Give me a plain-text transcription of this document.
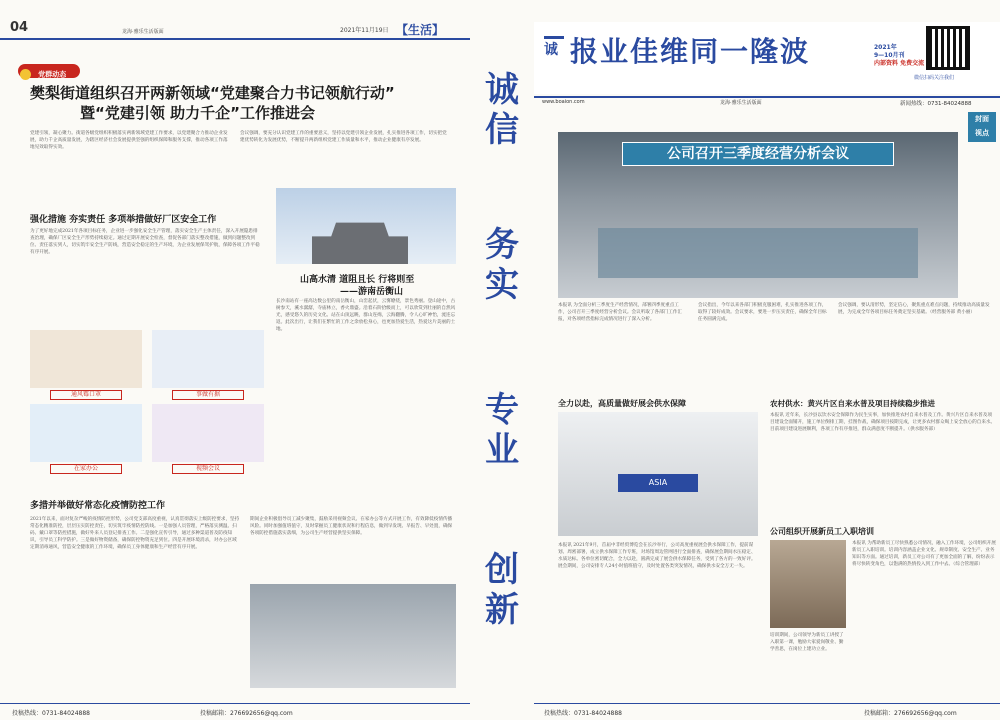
04	龙海·雅乐生活版面	2021年11月19日 【生活】
党群动态
樊梨街道组织召开两新领域“党建聚合力书记领航行动”
暨“党建引领 助力千企”工作推进会
党建引领，凝心聚力。街道各级党组织积极落实两新领域党建工作要求，以党建聚合力推动企业发展，助力千企高质量发展，为辖区经济社会发展提供坚强的组织保障和服务支撑，推动各项工作落地见效取得实效。
会议强调，要充分认识党建工作的重要意义，坚持以党建引领企业发展，扎实推进各项工作，切实把党建优势转化为发展优势，不断提升两新组织党建工作质量和水平，推动企业健康有序发展。
强化措施 夯实责任 多项举措做好厂区安全工作
为了更好地完成2021年各项目标任务，企业进一步强化安全生产管理，落实安全生产主体责任，深入开展隐患排查治理，确保厂区安全生产形势持续稳定。通过定期开展安全检查，督促各部门落实整改措施，做到问题整改到位、责任落实到人，切实筑牢安全生产防线，营造安全稳定的生产环境，为企业发展保驾护航，保障各项工作平稳有序开展。
山高水清 道阻且长 行将则至
——游南岳衡山
长沙南站有一座高达数公里的南岳衡山，山峦起伏，云雾缭绕，景色秀丽。登山途中，古树参天，溪水潺潺，寺庙林立，香火鼎盛。沿着石阶拾级而上，可以欣赏到壮丽的自然风光，感受悠久的历史文化。站在山顶远眺，群山连绵，云海翻腾，令人心旷神怡，流连忘返。此次出行，让我们在繁忙的工作之余放松身心，也更加热爱生活，热爱这片美丽的土地。
通风霉口罩	事做有据
在家办公	视频会议
多措并举做好常态化疫情防控工作
2021年以来，面对复杂严峻的疫情防控形势，公司党支部高度重视，认真贯彻落实上级防控要求，坚持常态化精准防控，层层压实防控责任，切实筑牢疫情防控防线。一是加强人员管理，严格落实测温、扫码、戴口罩等防控措施，做好外来人员登记排查工作。二是强化宣传引导，通过多种渠道普及防疫知识，引导员工科学防护。三是做好物资储备，确保防控物资充足到位。四是开展环境消杀，对办公区域定期消毒通风，营造安全健康的工作环境，确保员工身体健康和生产经营有序开展。
期间企业积极倡导员工减少聚集，鼓励采用视频会议、在家办公等方式开展工作，有效降低疫情传播风险。同时加强值班值守，及时掌握员工健康状况和行程信息，做到早发现、早报告、早处置，确保各项防控措施落实落细，为公司生产经营提供坚实保障。
投稿热线：0731-84024888	投稿邮箱：276692656@qq.com
诚
信
务
实
专
业
创
新
诚 报业佳维同一隆波	2021年
9—10月刊
内部资料 免费交流
微信扫码关注我们
www.boaion.com	龙海·雅乐生活版面	新闻热线：0731-84024888
封面
视点
公司召开三季度经营分析会议
本报讯 为全面分析三季度生产经营情况，部署四季度重点工作，公司召开三季度经营分析会议。会议听取了各部门工作汇报，对各项经营指标完成情况进行了深入分析。
会议指出，今年以来各部门积极克服困难，扎实推进各项工作，取得了较好成效。会议要求，要进一步压实责任，确保全年目标任务圆满完成。
会议强调，要认清形势，坚定信心，聚焦重点难点问题，持续推动高质量发展，为完成全年各项目标任务奠定坚实基础。（经营服务部 黄小丽）
全力以赴，高质量做好展会供水保障
ASIA
本报讯 2021年9月，首届中非经贸博览会在长沙举行，公司高度重视展会供水保障工作，提前谋划、周密部署，成立供水保障工作专班，对场馆周边管网进行全面排查，确保展会期间水压稳定、水质达标。各单位密切配合，全力以赴，圆满完成了展会供水保障任务，受到了各方的一致好评。展会期间，公司安排专人24小时值班值守，及时处置各类突发情况，确保供水安全万无一失。
农村供水：黄兴片区自来水普及项目持续稳步推进
本报讯 近年来，长沙县以饮水安全保障作为民生实事，加快推进农村自来水普及工作。黄兴片区自来水普及项目建设全面铺开，施工单位倒排工期，挂图作战，确保项目按期完成，让更多农村群众喝上安全放心的自来水。目前项目建设进展顺利，各项工作有序推进，群众满意度不断提升。（供水服务部）
公司组织开展新员工入职培训
本报讯 为帮助新员工尽快熟悉公司情况，融入工作环境，公司组织开展新员工入职培训。培训内容涵盖企业文化、规章制度、安全生产、业务知识等方面。通过培训，新员工对公司有了更加全面的了解，纷纷表示将尽快转变角色，以饱满的热情投入到工作中去。（综合管理部）
培训期间，公司领导为新员工讲授了入职第一课，勉励大家爱岗敬业、勤学善思，在岗位上建功立业。
投稿热线：0731-84024888	投稿邮箱：276692656@qq.com
